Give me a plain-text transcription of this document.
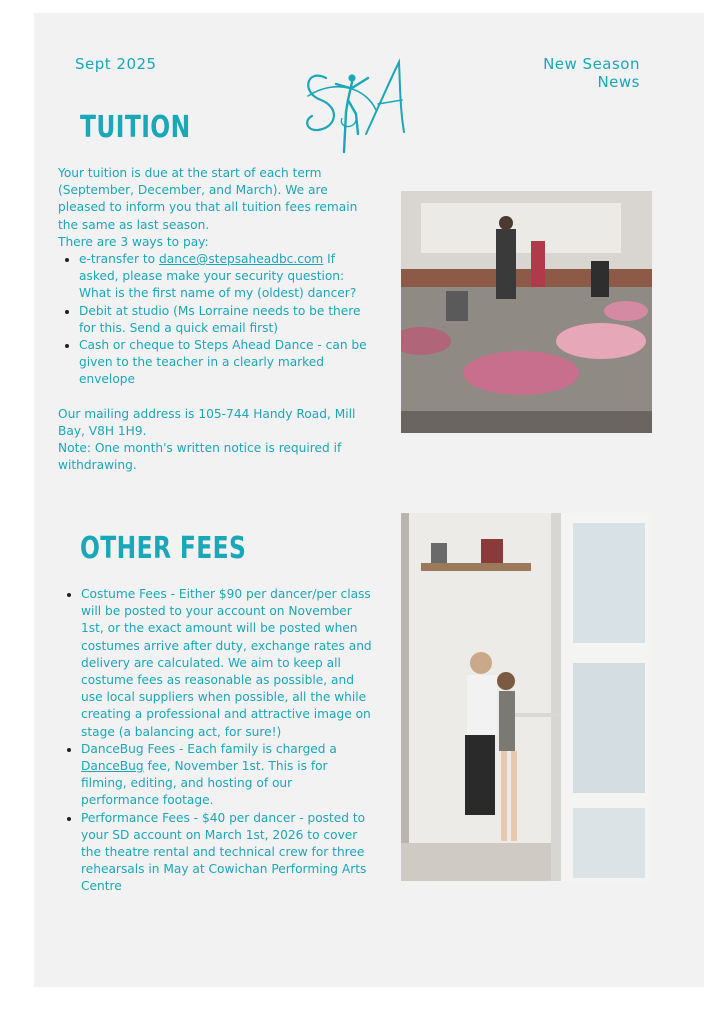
Sept 2025	New Season
News
TUITION

Your tuition is due at the start of each term (September, December, and March). We are pleased to inform you that all tuition fees remain the same as last season.

There are 3 ways to pay:

• e-transfer to dance@stepsaheadbc.com If asked, please make your security question: What is the first name of my (oldest) dancer?
• Debit at studio (Ms Lorraine needs to be there for this. Send a quick email first)
• Cash or cheque to Steps Ahead Dance - can be given to the teacher in a clearly marked envelope

Our mailing address is 105-744 Handy Road, Mill Bay, V8H 1H9.

Note: One month's written notice is required if withdrawing.

OTHER FEES
• Costume Fees - Either $90 per dancer/per class will be posted to your account on November 1st, or the exact amount will be posted when costumes arrive after duty, exchange rates and delivery are calculated. We aim to keep all costume fees as reasonable as possible, and use local suppliers when possible, all the while creating a professional and attractive image on stage (a balancing act, for sure!)
• DanceBug Fees - Each family is charged a DanceBug fee, November 1st. This is for filming, editing, and hosting of our performance footage.
• Performance Fees - $40 per dancer - posted to your SD account on March 1st, 2026 to cover the theatre rental and technical crew for three rehearsals in May at Cowichan Performing Arts Centre
